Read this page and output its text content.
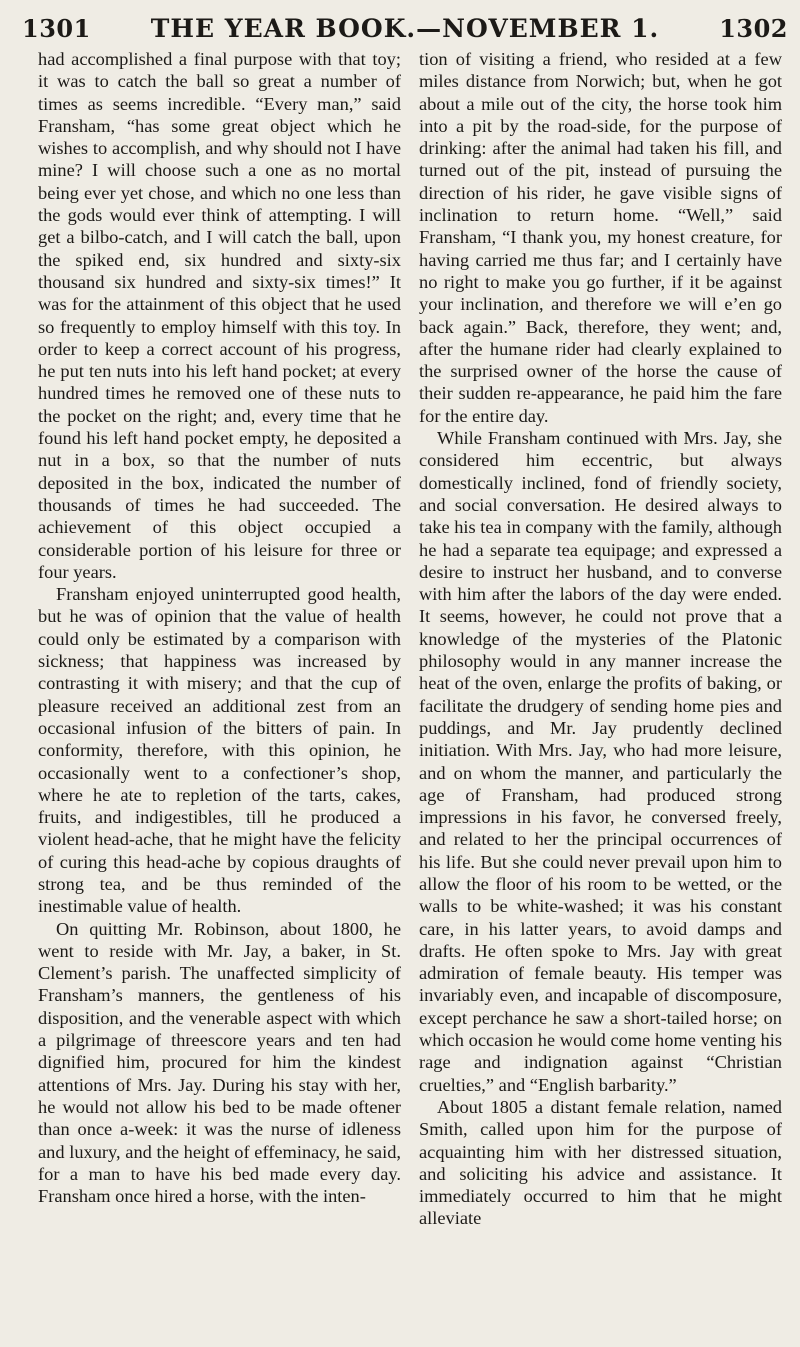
1301 THE YEAR BOOK.—NOVEMBER 1. 1302

had accomplished a final purpose with that toy; it was to catch the ball so great a number of times as seems incredible. “Every man,” said Fransham, “has some great object which he wishes to accomplish, and why should not I have mine? I will choose such a one as no mortal being ever yet chose, and which no one less than the gods would ever think of attempting. I will get a bilbo-catch, and I will catch the ball, upon the spiked end, six hundred and sixty-six thousand six hundred and sixty-six times!” It was for the attainment of this object that he used so frequently to employ himself with this toy. In order to keep a correct account of his progress, he put ten nuts into his left hand pocket; at every hundred times he removed one of these nuts to the pocket on the right; and, every time that he found his left hand pocket empty, he deposited a nut in a box, so that the number of nuts deposited in the box, indicated the number of thousands of times he had succeeded. The achievement of this object occupied a considerable portion of his leisure for three or four years.

Fransham enjoyed uninterrupted good health, but he was of opinion that the value of health could only be estimated by a comparison with sickness; that happiness was increased by contrasting it with misery; and that the cup of pleasure received an additional zest from an occasional infusion of the bitters of pain. In conformity, therefore, with this opinion, he occasionally went to a confectioner’s shop, where he ate to repletion of the tarts, cakes, fruits, and indigestibles, till he produced a violent head-ache, that he might have the felicity of curing this head-ache by copious draughts of strong tea, and be thus reminded of the inestimable value of health.

On quitting Mr. Robinson, about 1800, he went to reside with Mr. Jay, a baker, in St. Clement’s parish. The unaffected simplicity of Fransham’s manners, the gentleness of his disposition, and the venerable aspect with which a pilgrimage of threescore years and ten had dignified him, procured for him the kindest attentions of Mrs. Jay. During his stay with her, he would not allow his bed to be made oftener than once a-week: it was the nurse of idleness and luxury, and the height of effeminacy, he said, for a man to have his bed made every day. Fransham once hired a horse, with the inten-

tion of visiting a friend, who resided at a few miles distance from Norwich; but, when he got about a mile out of the city, the horse took him into a pit by the road-side, for the purpose of drinking: after the animal had taken his fill, and turned out of the pit, instead of pursuing the direction of his rider, he gave visible signs of inclination to return home. “Well,” said Fransham, “I thank you, my honest creature, for having carried me thus far; and I certainly have no right to make you go further, if it be against your inclination, and therefore we will e’en go back again.” Back, therefore, they went; and, after the humane rider had clearly explained to the surprised owner of the horse the cause of their sudden re-appearance, he paid him the fare for the entire day.

While Fransham continued with Mrs. Jay, she considered him eccentric, but always domestically inclined, fond of friendly society, and social conversation. He desired always to take his tea in company with the family, although he had a separate tea equipage; and expressed a desire to instruct her husband, and to converse with him after the labors of the day were ended. It seems, however, he could not prove that a knowledge of the mysteries of the Platonic philosophy would in any manner increase the heat of the oven, enlarge the profits of baking, or facilitate the drudgery of sending home pies and puddings, and Mr. Jay prudently declined initiation. With Mrs. Jay, who had more leisure, and on whom the manner, and particularly the age of Fransham, had produced strong impressions in his favor, he conversed freely, and related to her the principal occurrences of his life. But she could never prevail upon him to allow the floor of his room to be wetted, or the walls to be white-washed; it was his constant care, in his latter years, to avoid damps and drafts. He often spoke to Mrs. Jay with great admiration of female beauty. His temper was invariably even, and incapable of discomposure, except perchance he saw a short-tailed horse; on which occasion he would come home venting his rage and indignation against “Christian cruelties,” and “English barbarity.”

About 1805 a distant female relation, named Smith, called upon him for the purpose of acquainting him with her distressed situation, and soliciting his advice and assistance. It immediately occurred to him that he might alleviate
